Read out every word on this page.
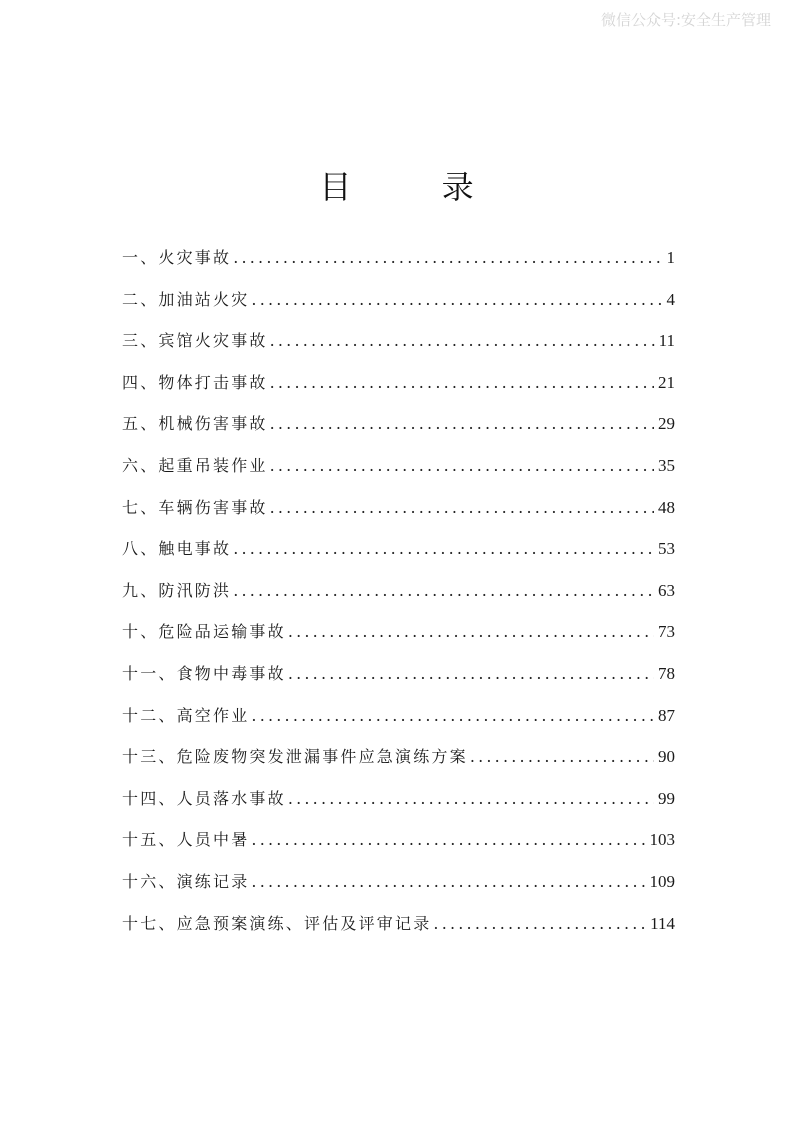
微信公众号:安全生产管理
目 录
一、火灾事故 .....	1
二、加油站火灾 .....	4
三、宾馆火灾事故 .....	11
四、物体打击事故 .....	21
五、机械伤害事故 .....	29
六、起重吊装作业 .....	35
七、车辆伤害事故 .....	48
八、触电事故 .....	53
九、防汛防洪 .....	63
十、危险品运输事故 .....	73
十一、食物中毒事故 .....	78
十二、高空作业 .....	87
十三、危险废物突发泄漏事件应急演练方案 .....	90
十四、人员落水事故 .....	99
十五、人员中暑 .....	103
十六、演练记录 .....	109
十七、应急预案演练、评估及评审记录 .....	114
